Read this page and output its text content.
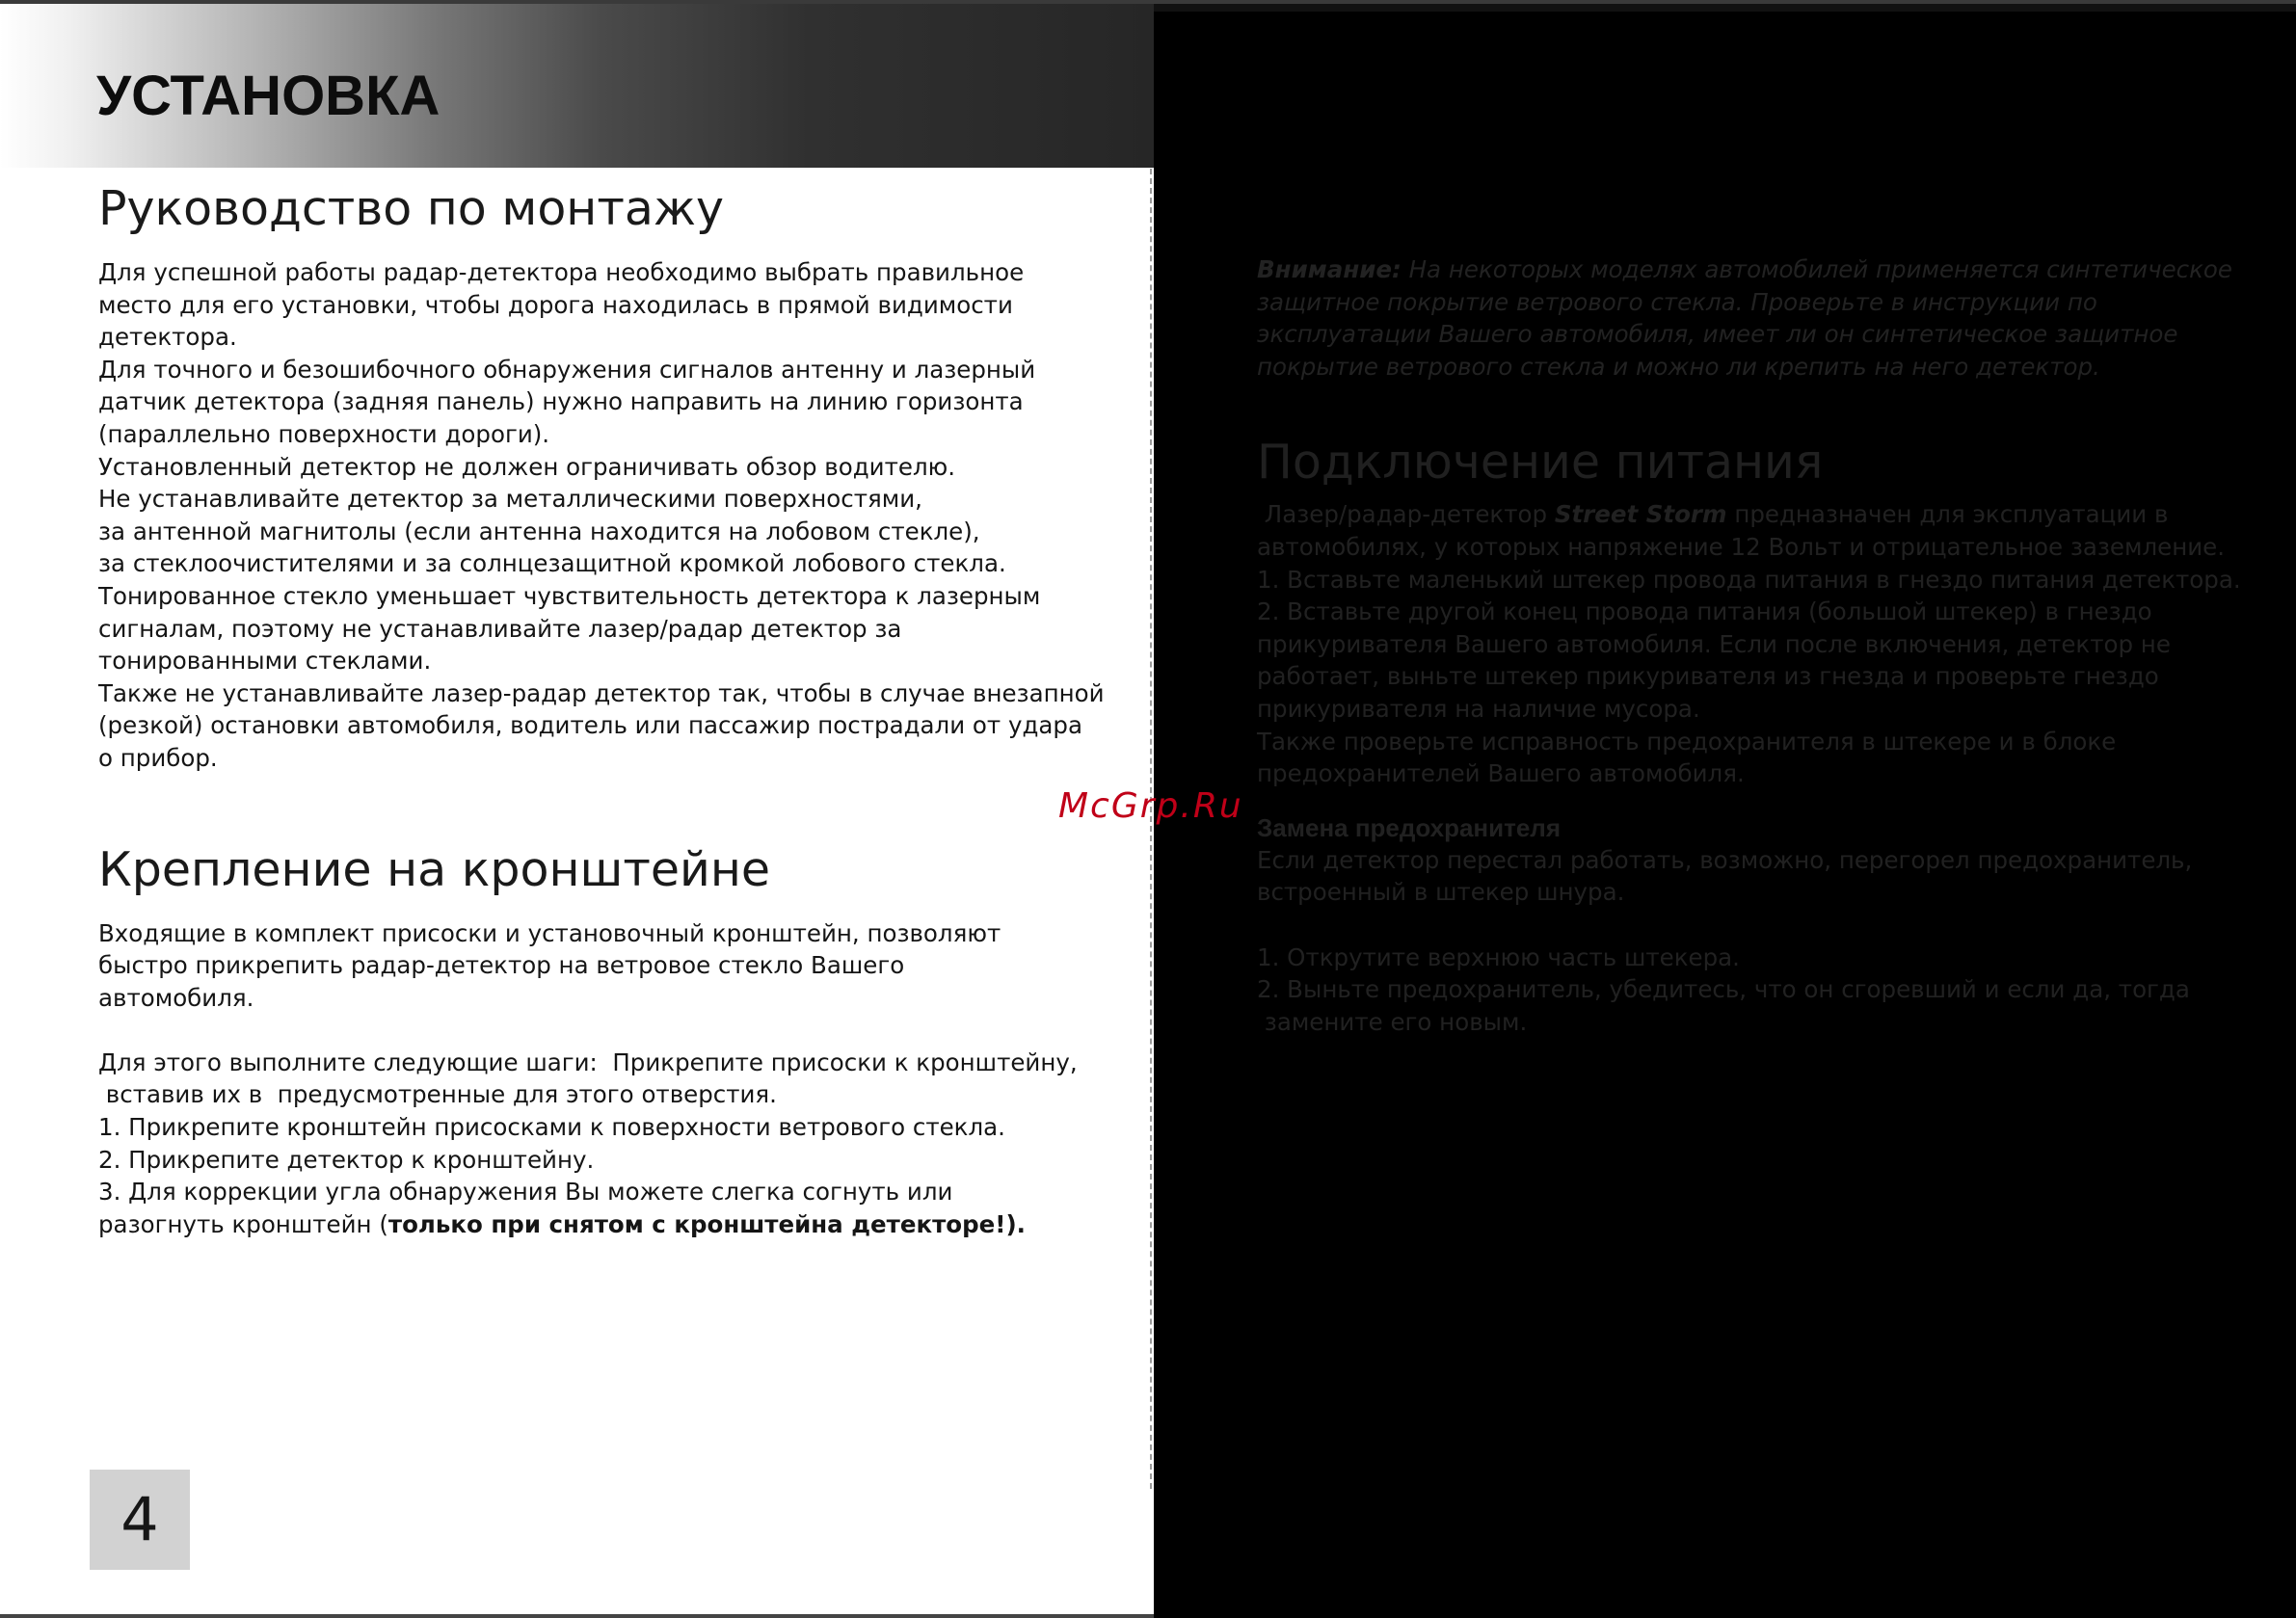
УСТАНОВКА
Руководство по монтажу

Для успешной работы радар-детектора необходимо выбрать правильное

место для его установки, чтобы дорога находилась в прямой видимости

детектора.

Для точного и безошибочного обнаружения сигналов антенну и лазерный

датчик детектора (задняя панель) нужно направить на линию горизонта

(параллельно поверхности дороги).

Установленный детектор не должен ограничивать обзор водителю.

Не устанавливайте детектор за металлическими поверхностями,

за антенной магнитолы (если антенна находится на лобовом стекле),

за стеклоочистителями и за солнцезащитной кромкой лобового стекла.

Тонированное стекло уменьшает чувствительность детектора к лазерным

сигналам, поэтому не устанавливайте лазер/радар детектор за

тонированными стеклами.

Также не устанавливайте лазер-радар детектор так, чтобы в случае внезапной

(резкой) остановки автомобиля, водитель или пассажир пострадали от удара

о прибор.

Крепление на кронштейне

Входящие в комплект присоски и установочный кронштейн, позволяют

быстро прикрепить радар-детектор на ветровое стекло Вашего

автомобиля.

Для этого выполните следующие шаги:  Прикрепите присоски к кронштейну,

вставив их в  предусмотренные для этого отверстия.

1. Прикрепите кронштейн присосками к поверхности ветрового стекла.

2. Прикрепите детектор к кронштейну.

3. Для коррекции угла обнаружения Вы можете слегка согнуть или

разогнуть кронштейн (только при снятом с кронштейна детекторе!).

Внимание: На некоторых моделях автомобилей применяется синтетическое

защитное покрытие ветрового стекла. Проверьте в инструкции по

эксплуатации Вашего автомобиля, имеет ли он синтетическое защитное

покрытие ветрового стекла и можно ли крепить на него детектор.

Подключение питания

Лазер/радар-детектор Street Storm предназначен для эксплуатации в

автомобилях, у которых напряжение 12 Вольт и отрицательное заземление.

1. Вставьте маленький штекер провода питания в гнездо питания детектора.

2. Вставьте другой конец провода питания (большой штекер) в гнездо

прикуривателя Вашего автомобиля. Если после включения, детектор не

работает, выньте штекер прикуривателя из гнезда и проверьте гнездо

прикуривателя на наличие мусора.

Также проверьте исправность предохранителя в штекере и в блоке

предохранителей Вашего автомобиля.

Замена предохранителя

Если детектор перестал работать, возможно, перегорел предохранитель,

встроенный в штекер шнура.

1. Открутите верхнюю часть штекера.

2. Выньте предохранитель, убедитесь, что он сгоревший и если да, тогда

замените его новым.

McGrp.Ru

4
